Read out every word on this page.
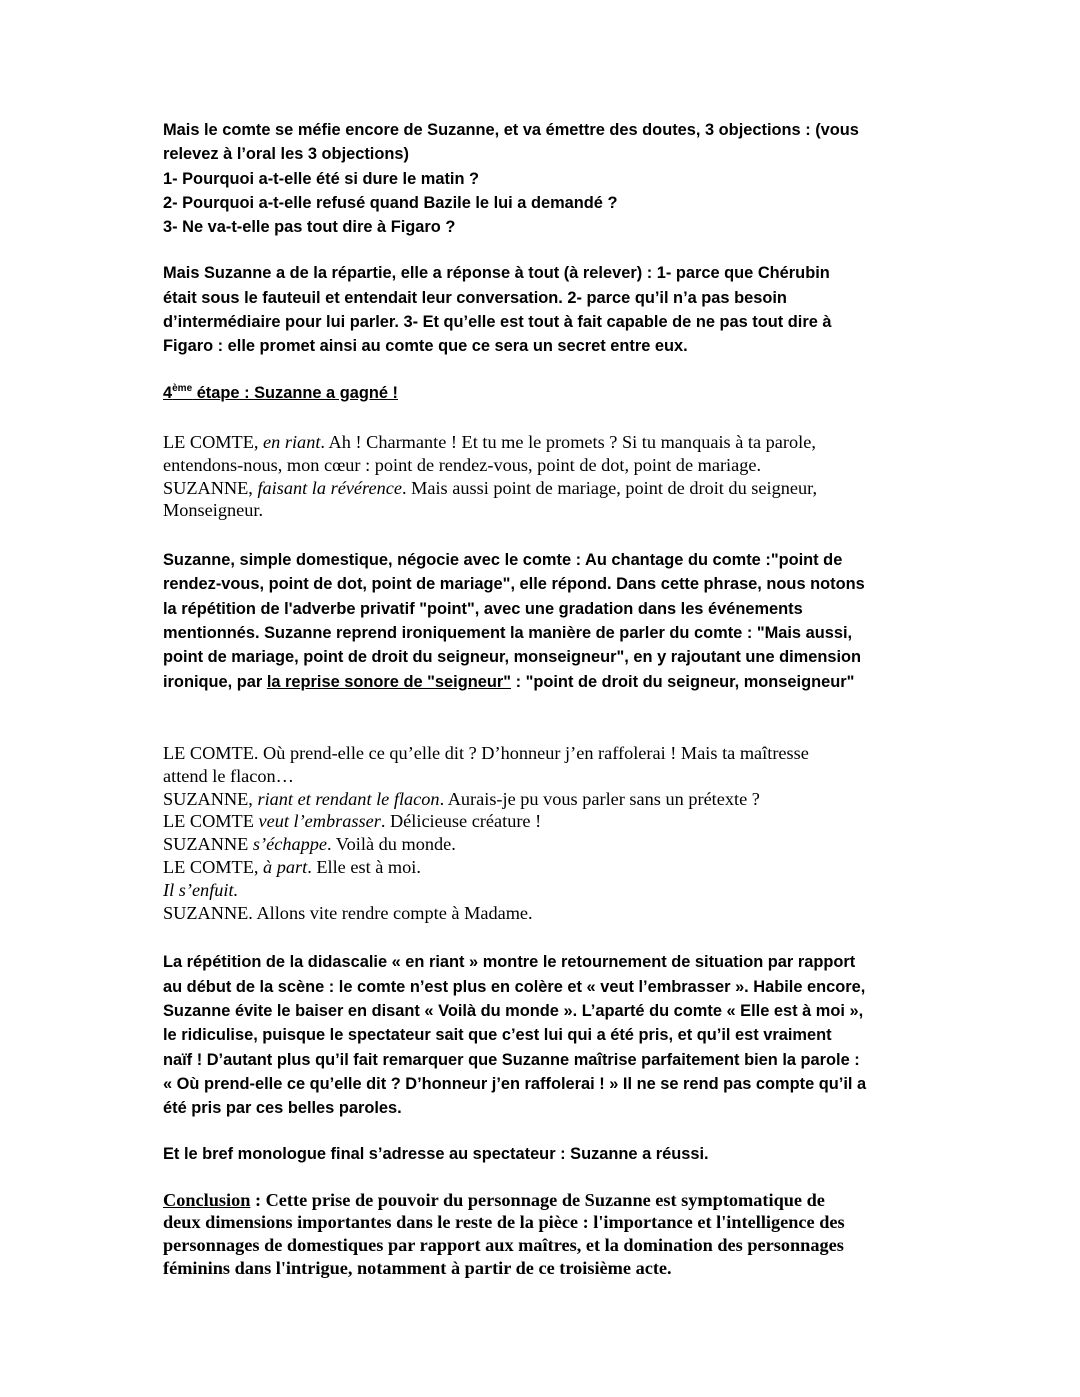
Mais le comte se méfie encore de Suzanne, et va émettre des doutes, 3 objections : (vous
relevez à l’oral les 3 objections)
1- Pourquoi a-t-elle été si dure le matin ?
2- Pourquoi a-t-elle refusé quand Bazile le lui a demandé ?
3- Ne va-t-elle pas tout dire à Figaro ?
Mais Suzanne a de la répartie, elle a réponse à tout (à relever) : 1- parce que Chérubin
était sous le fauteuil et entendait leur conversation. 2- parce qu’il n’a pas besoin
d’intermédiaire pour lui parler. 3- Et qu’elle est tout à fait capable de ne pas tout dire à
Figaro : elle promet ainsi au comte que ce sera un secret entre eux.
4ème étape : Suzanne a gagné !
LE COMTE, en riant. Ah ! Charmante ! Et tu me le promets ? Si tu manquais à ta parole,
entendons-nous, mon cœur : point de rendez-vous, point de dot, point de mariage.
SUZANNE, faisant la révérence. Mais aussi point de mariage, point de droit du seigneur,
Monseigneur.
Suzanne, simple domestique, négocie avec le comte : Au chantage du comte :"point de
rendez-vous, point de dot, point de mariage", elle répond. Dans cette phrase, nous notons
la répétition de l'adverbe privatif "point", avec une gradation dans les événements
mentionnés. Suzanne reprend ironiquement la manière de parler du comte : "Mais aussi,
point de mariage, point de droit du seigneur, monseigneur", en y rajoutant une dimension
ironique, par la reprise sonore de "seigneur" : "point de droit du seigneur, monseigneur"
LE COMTE. Où prend-elle ce qu’elle dit ? D’honneur j’en raffolerai ! Mais ta maîtresse
attend le flacon…
SUZANNE, riant et rendant le flacon. Aurais-je pu vous parler sans un prétexte ?
LE COMTE veut l’embrasser. Délicieuse créature !
SUZANNE s’échappe. Voilà du monde.
LE COMTE, à part. Elle est à moi.
Il s’enfuit.
SUZANNE. Allons vite rendre compte à Madame.
La répétition de la didascalie « en riant » montre le retournement de situation par rapport
au début de la scène : le comte n’est plus en colère et « veut l’embrasser ». Habile encore,
Suzanne évite le baiser en disant « Voilà du monde ». L’aparté du comte « Elle est à moi »,
le ridiculise, puisque le spectateur sait que c’est lui qui a été pris, et qu’il est vraiment
naïf ! D’autant plus qu’il fait remarquer que Suzanne maîtrise parfaitement bien la parole :
« Où prend-elle ce qu’elle dit ? D’honneur j’en raffolerai ! » Il ne se rend pas compte qu’il a
été pris par ces belles paroles.
Et le bref monologue final s’adresse au spectateur : Suzanne a réussi.
Conclusion : Cette prise de pouvoir du personnage de Suzanne est symptomatique de
deux dimensions importantes dans le reste de la pièce : l'importance et l'intelligence des
personnages de domestiques par rapport aux maîtres, et la domination des personnages
féminins dans l'intrigue, notamment à partir de ce troisième acte.
